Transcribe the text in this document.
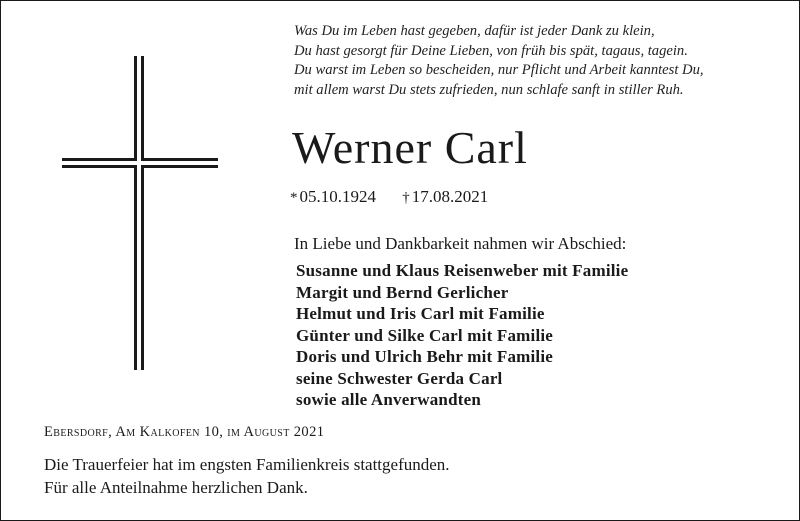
Was Du im Leben hast gegeben, dafür ist jeder Dank zu klein,
Du hast gesorgt für Deine Lieben, von früh bis spät, tagaus, tagein.
Du warst im Leben so bescheiden, nur Pflicht und Arbeit kanntest Du,
mit allem warst Du stets zufrieden, nun schlafe sanft in stiller Ruh.
Werner Carl
* 05.10.1924 † 17.08.2021
In Liebe und Dankbarkeit nahmen wir Abschied:
Susanne und Klaus Reisenweber mit Familie
Margit und Bernd Gerlicher
Helmut und Iris Carl mit Familie
Günter und Silke Carl mit Familie
Doris und Ulrich Behr mit Familie
seine Schwester Gerda Carl
sowie alle Anverwandten
Ebersdorf, Am Kalkofen 10, im August 2021
Die Trauerfeier hat im engsten Familienkreis stattgefunden.
Für alle Anteilnahme herzlichen Dank.
